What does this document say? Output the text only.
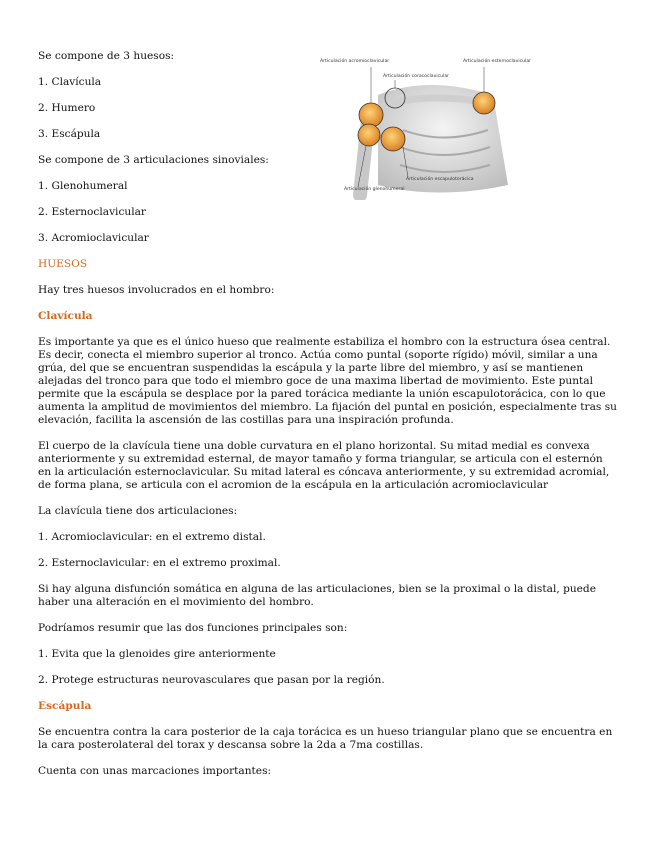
Se compone de 3 huesos:

1. Clavícula

2. Humero

3. Escápula

Se compone de 3 articulaciones sinoviales:

1. Glenohumeral

2. Esternoclavicular

3. Acromioclavicular

HUESOS

Hay tres huesos involucrados en el hombro:

Clavícula

Es importante ya que es el único hueso que realmente estabiliza el hombro con la estructura ósea central. Es decir, conecta el miembro superior al tronco. Actúa como puntal (soporte rígido) móvil, similar a una grúa, del que se encuentran suspendidas la escápula y la parte libre del miembro, y así se mantienen alejadas del tronco para que todo el miembro goce de una maxima libertad de movimiento. Este puntal permite que la escápula se desplace por la pared torácica mediante la unión escapulotorácica, con lo que aumenta la amplitud de movimientos del miembro. La fijación del puntal en posición, especialmente tras su elevación, facilita la ascensión de las costillas para una inspiración profunda.

El cuerpo de la clavícula tiene una doble curvatura en el plano horizontal. Su mitad medial es convexa anteriormente y su extremidad esternal, de mayor tamaño y forma triangular, se articula con el esternón en la articulación esternoclavicular. Su mitad lateral es cóncava anteriormente, y su extremidad acromial, de forma plana, se articula con el acromion de la escápula en la articulación acromioclavicular

La clavícula tiene dos articulaciones:

1. Acromioclavicular: en el extremo distal.

2. Esternoclavicular: en el extremo proximal.

Si hay alguna disfunción somática en alguna de las articulaciones, bien se la proximal o la distal, puede haber una alteración en el movimiento del hombro.

Podríamos resumir que las dos funciones principales son:

1. Evita que la glenoides gire anteriormente

2. Protege estructuras neurovasculares que pasan por la región.

Escápula

Se encuentra contra la cara posterior de la caja torácica es un hueso triangular plano que se encuentra en la cara posterolateral del torax y descansa sobre la 2da a 7ma costillas.

Cuenta con unas marcaciones importantes:

Articulación acromioclavicular
Articulación coracoclavicular
Articulación esternoclavicular
Articulación escapulotorácica
Articulación glenohumeral
